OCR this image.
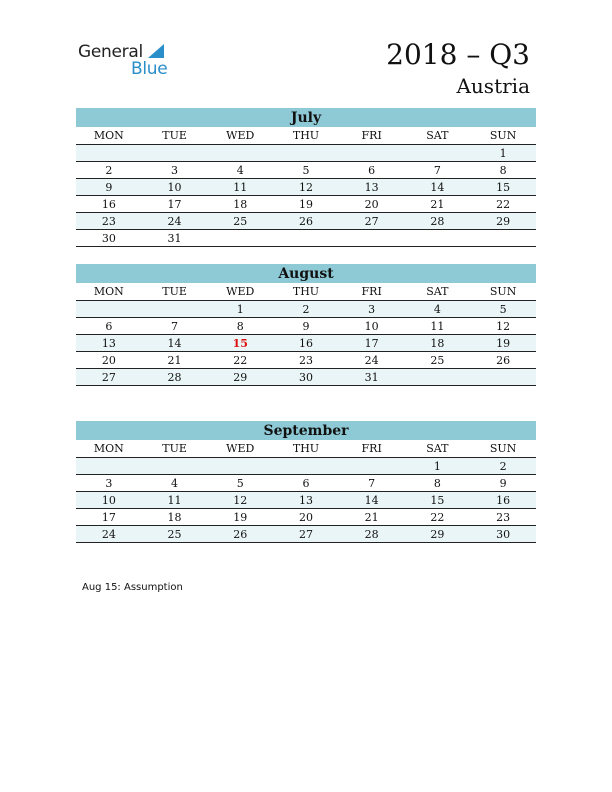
General
Blue	2018 – Q3
Austria
July
MON	TUE	WED	THU	FRI	SAT	SUN
						1
2	3	4	5	6	7	8
9	10	11	12	13	14	15
16	17	18	19	20	21	22
23	24	25	26	27	28	29
30	31					
August
MON	TUE	WED	THU	FRI	SAT	SUN
		1	2	3	4	5
6	7	8	9	10	11	12
13	14	15	16	17	18	19
20	21	22	23	24	25	26
27	28	29	30	31		
September
MON	TUE	WED	THU	FRI	SAT	SUN
					1	2
3	4	5	6	7	8	9
10	11	12	13	14	15	16
17	18	19	20	21	22	23
24	25	26	27	28	29	30
Aug 15: Assumption
